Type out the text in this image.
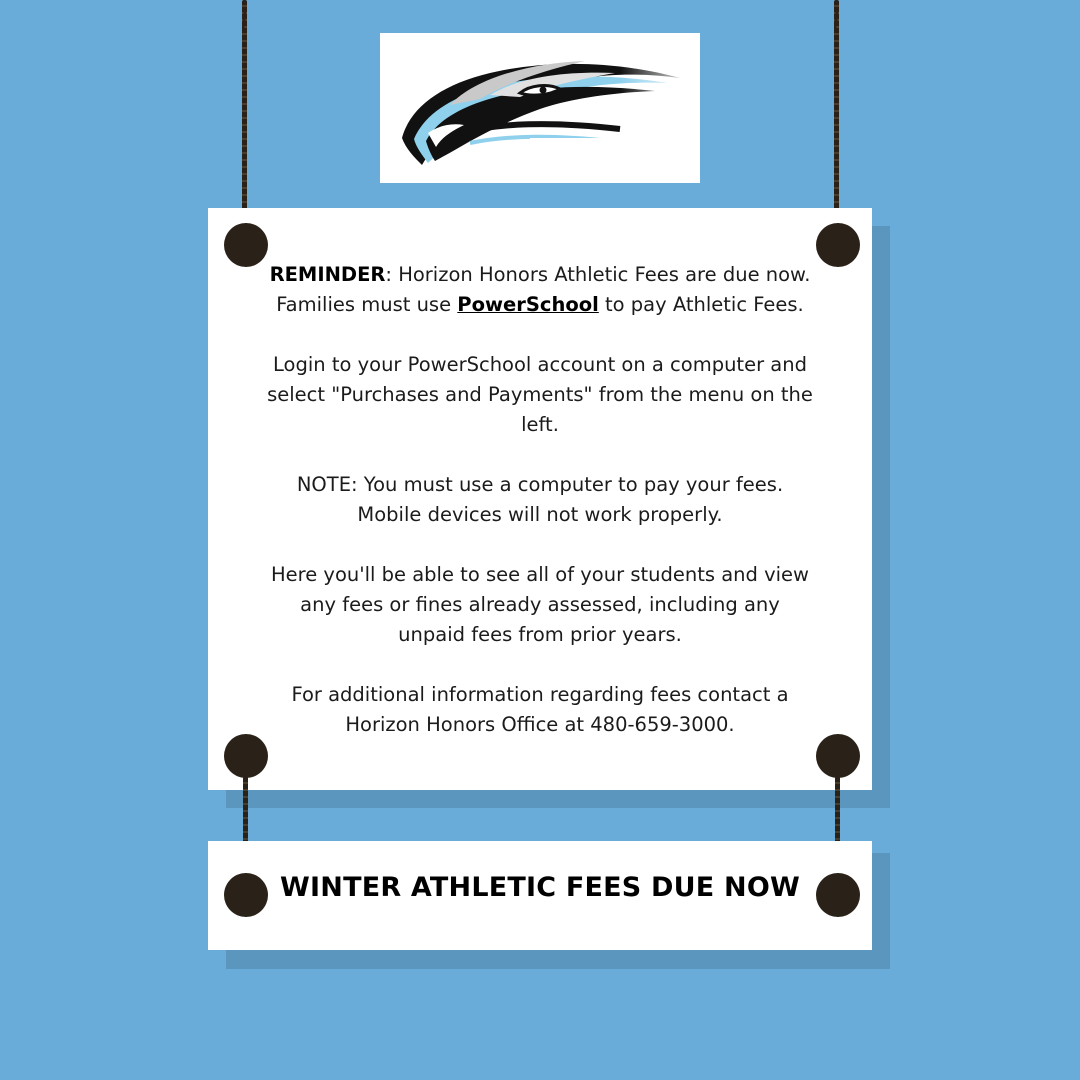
REMINDER: Horizon Honors Athletic Fees are due now.
Families must use PowerSchool to pay Athletic Fees.

Login to your PowerSchool account on a computer and select "Purchases and Payments" from the menu on the left.

NOTE: You must use a computer to pay your fees. Mobile devices will not work properly.

Here you'll be able to see all of your students and view any fees or fines already assessed, including any unpaid fees from prior years.

For additional information regarding fees contact a Horizon Honors Office at 480-659-3000.

WINTER ATHLETIC FEES DUE NOW
